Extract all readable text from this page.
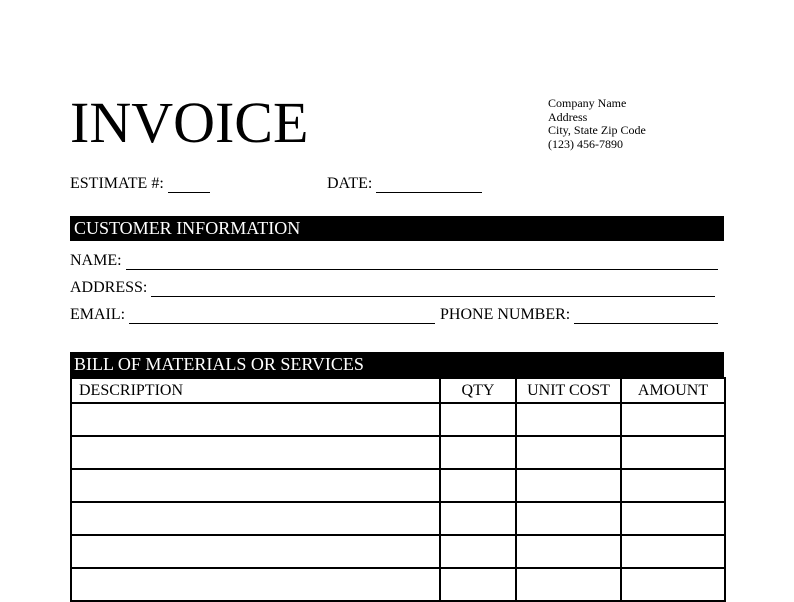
INVOICE	Company Name
Address
City, State Zip Code
(123) 456-7890
ESTIMATE #:	DATE:
CUSTOMER INFORMATION
NAME:
ADDRESS:
EMAIL:	PHONE NUMBER:
BILL OF MATERIALS OR SERVICES
DESCRIPTION	QTY	UNIT COST	AMOUNT
